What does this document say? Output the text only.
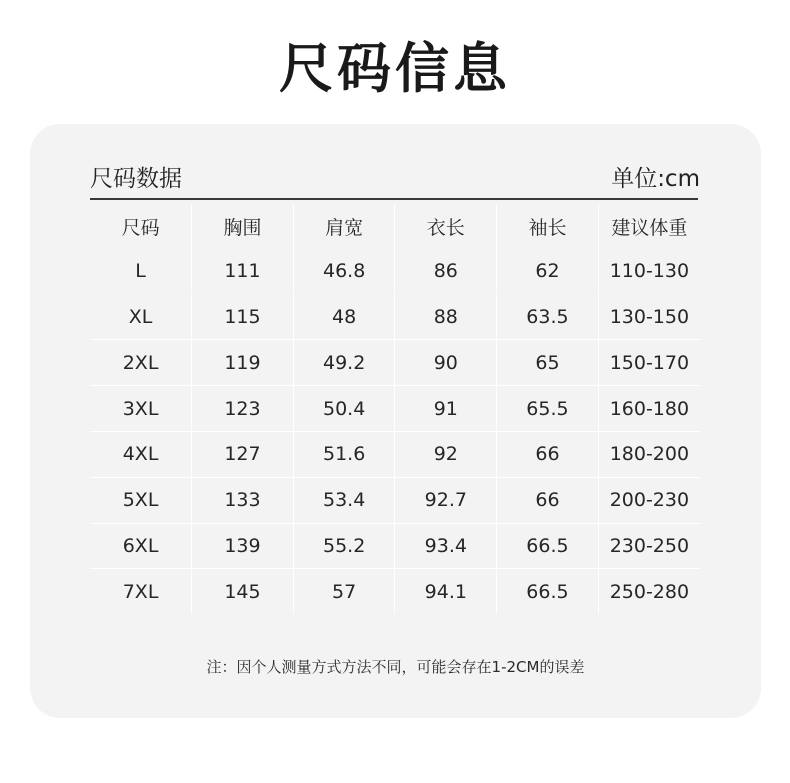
尺码信息
尺码数据	单位:cm
尺码	胸围	肩宽	衣长	袖长	建议体重
L	111	46.8	86	62	110-130
XL	115	48	88	63.5	130-150
2XL	119	49.2	90	65	150-170
3XL	123	50.4	91	65.5	160-180
4XL	127	51.6	92	66	180-200
5XL	133	53.4	92.7	66	200-230
6XL	139	55.2	93.4	66.5	230-250
7XL	145	57	94.1	66.5	250-280
注：因个人测量方式方法不同，可能会存在1-2CM的误差
